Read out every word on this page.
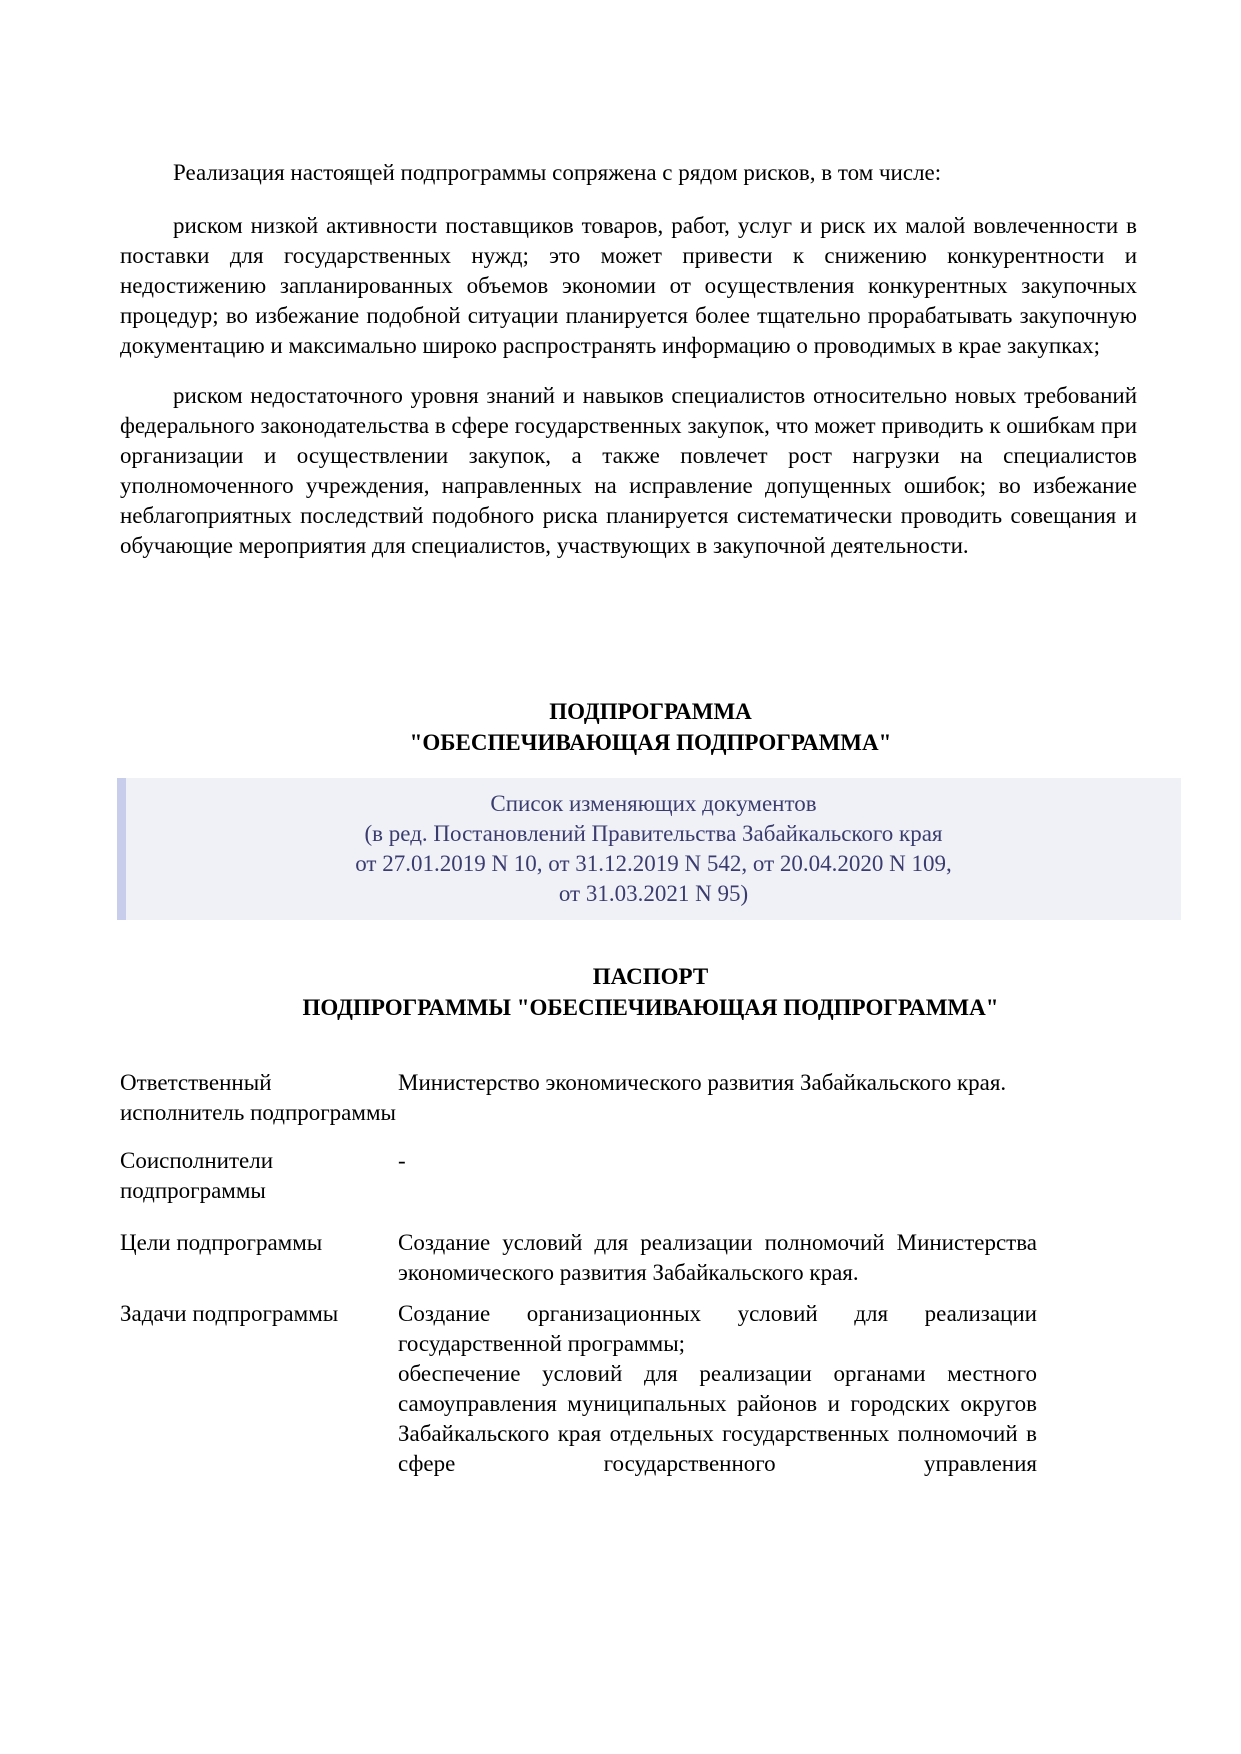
Реализация настоящей подпрограммы сопряжена с рядом рисков, в том числе:

риском низкой активности поставщиков товаров, работ, услуг и риск их малой вовлеченности в поставки для государственных нужд; это может привести к снижению конкурентности и недостижению запланированных объемов экономии от осуществления конкурентных закупочных процедур; во избежание подобной ситуации планируется более тщательно прорабатывать закупочную документацию и максимально широко распространять информацию о проводимых в крае закупках;

риском недостаточного уровня знаний и навыков специалистов относительно новых требований федерального законодательства в сфере государственных закупок, что может приводить к ошибкам при организации и осуществлении закупок, а также повлечет рост нагрузки на специалистов уполномоченного учреждения, направленных на исправление допущенных ошибок; во избежание неблагоприятных последствий подобного риска планируется систематически проводить совещания и обучающие мероприятия для специалистов, участвующих в закупочной деятельности.

ПОДПРОГРАММА
"ОБЕСПЕЧИВАЮЩАЯ ПОДПРОГРАММА"
Список изменяющих документов
(в ред. Постановлений Правительства Забайкальского края
от 27.01.2019 N 10, от 31.12.2019 N 542, от 20.04.2020 N 109,
от 31.03.2021 N 95)
ПАСПОРТ
ПОДПРОГРАММЫ "ОБЕСПЕЧИВАЮЩАЯ ПОДПРОГРАММА"
Ответственный исполнитель подпрограммы

Министерство экономического развития Забайкальского края.

Соисполнители подпрограммы

-

Цели подпрограммы	Создание условий для реализации полномочий Министерства экономического развития Забайкальского края.

Задачи подпрограммы	Создание организационных условий для реализации государственной программы;

обеспечение условий для реализации органами местного самоуправления муниципальных районов и городских округов Забайкальского края отдельных государственных полномочий в сфере государственного управления
